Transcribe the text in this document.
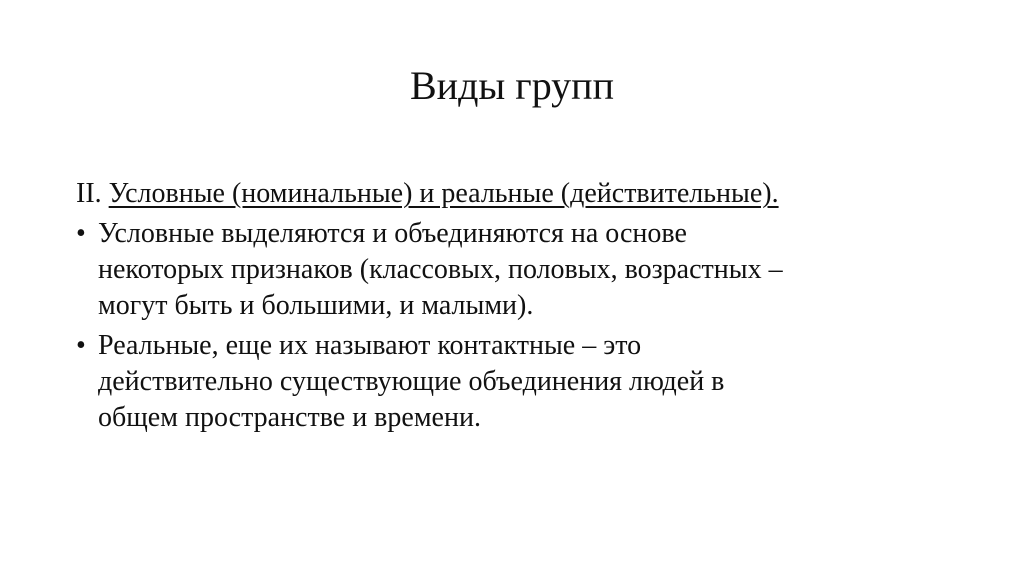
Виды групп

II. Условные (номинальные) и реальные (действительные).

• Условные выделяются и объединяются на основе
некоторых признаков (классовых, половых, возрастных –
могут быть и большими, и малыми).
• Реальные, еще их называют контактные – это
действительно существующие объединения людей в
общем пространстве и времени.
